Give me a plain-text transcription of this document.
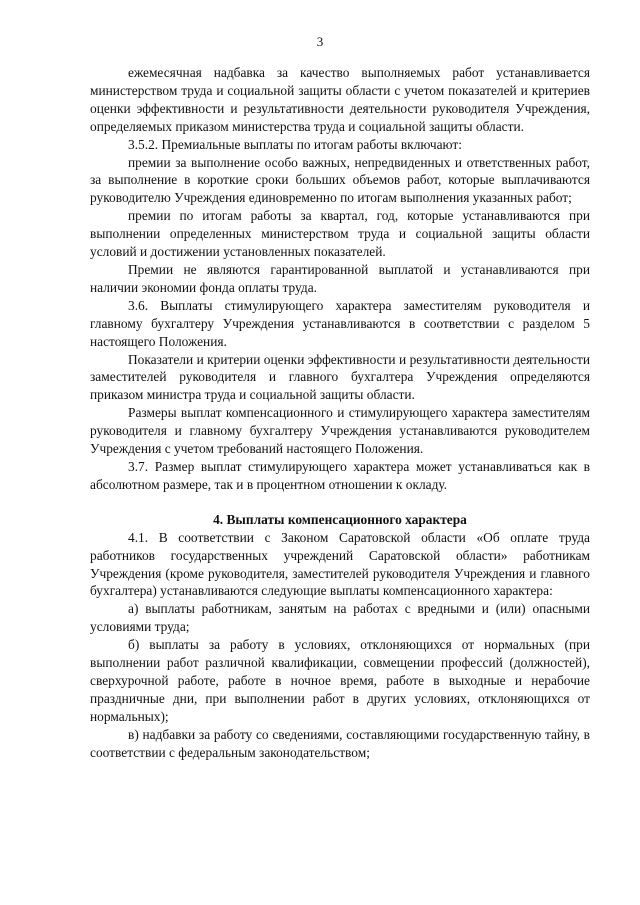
3

ежемесячная надбавка за качество выполняемых работ устанавливается министерством труда и социальной защиты области с учетом показателей и критериев оценки эффективности и результативности деятельности руководителя Учреждения, определяемых приказом министерства труда и социальной защиты области.

3.5.2. Премиальные выплаты по итогам работы включают:

премии за выполнение особо важных, непредвиденных и ответственных работ, за выполнение в короткие сроки больших объемов работ, которые выплачиваются руководителю Учреждения единовременно по итогам выполнения указанных работ;

премии по итогам работы за квартал, год, которые устанавливаются при выполнении определенных министерством труда и социальной защиты области условий и достижении установленных показателей.

Премии не являются гарантированной выплатой и устанавливаются при наличии экономии фонда оплаты труда.

3.6. Выплаты стимулирующего характера заместителям руководителя и главному бухгалтеру Учреждения устанавливаются в соответствии с разделом 5 настоящего Положения.

Показатели и критерии оценки эффективности и результативности деятельности заместителей руководителя и главного бухгалтера Учреждения определяются приказом министра труда и социальной защиты области.

Размеры выплат компенсационного и стимулирующего характера заместителям руководителя и главному бухгалтеру Учреждения устанавливаются руководителем Учреждения с учетом требований настоящего Положения.

3.7. Размер выплат стимулирующего характера может устанавливаться как в абсолютном размере, так и в процентном отношении к окладу.

4. Выплаты компенсационного характера

4.1. В соответствии с Законом Саратовской области «Об оплате труда работников государственных учреждений Саратовской области» работникам Учреждения (кроме руководителя, заместителей руководителя Учреждения и главного бухгалтера) устанавливаются следующие выплаты компенсационного характера:

а) выплаты работникам, занятым на работах с вредными и (или) опасными условиями труда;

б) выплаты за работу в условиях, отклоняющихся от нормальных (при выполнении работ различной квалификации, совмещении профессий (должностей), сверхурочной работе, работе в ночное время, работе в выходные и нерабочие праздничные дни, при выполнении работ в других условиях, отклоняющихся от нормальных);

в) надбавки за работу со сведениями, составляющими государственную тайну, в соответствии с федеральным законодательством;
